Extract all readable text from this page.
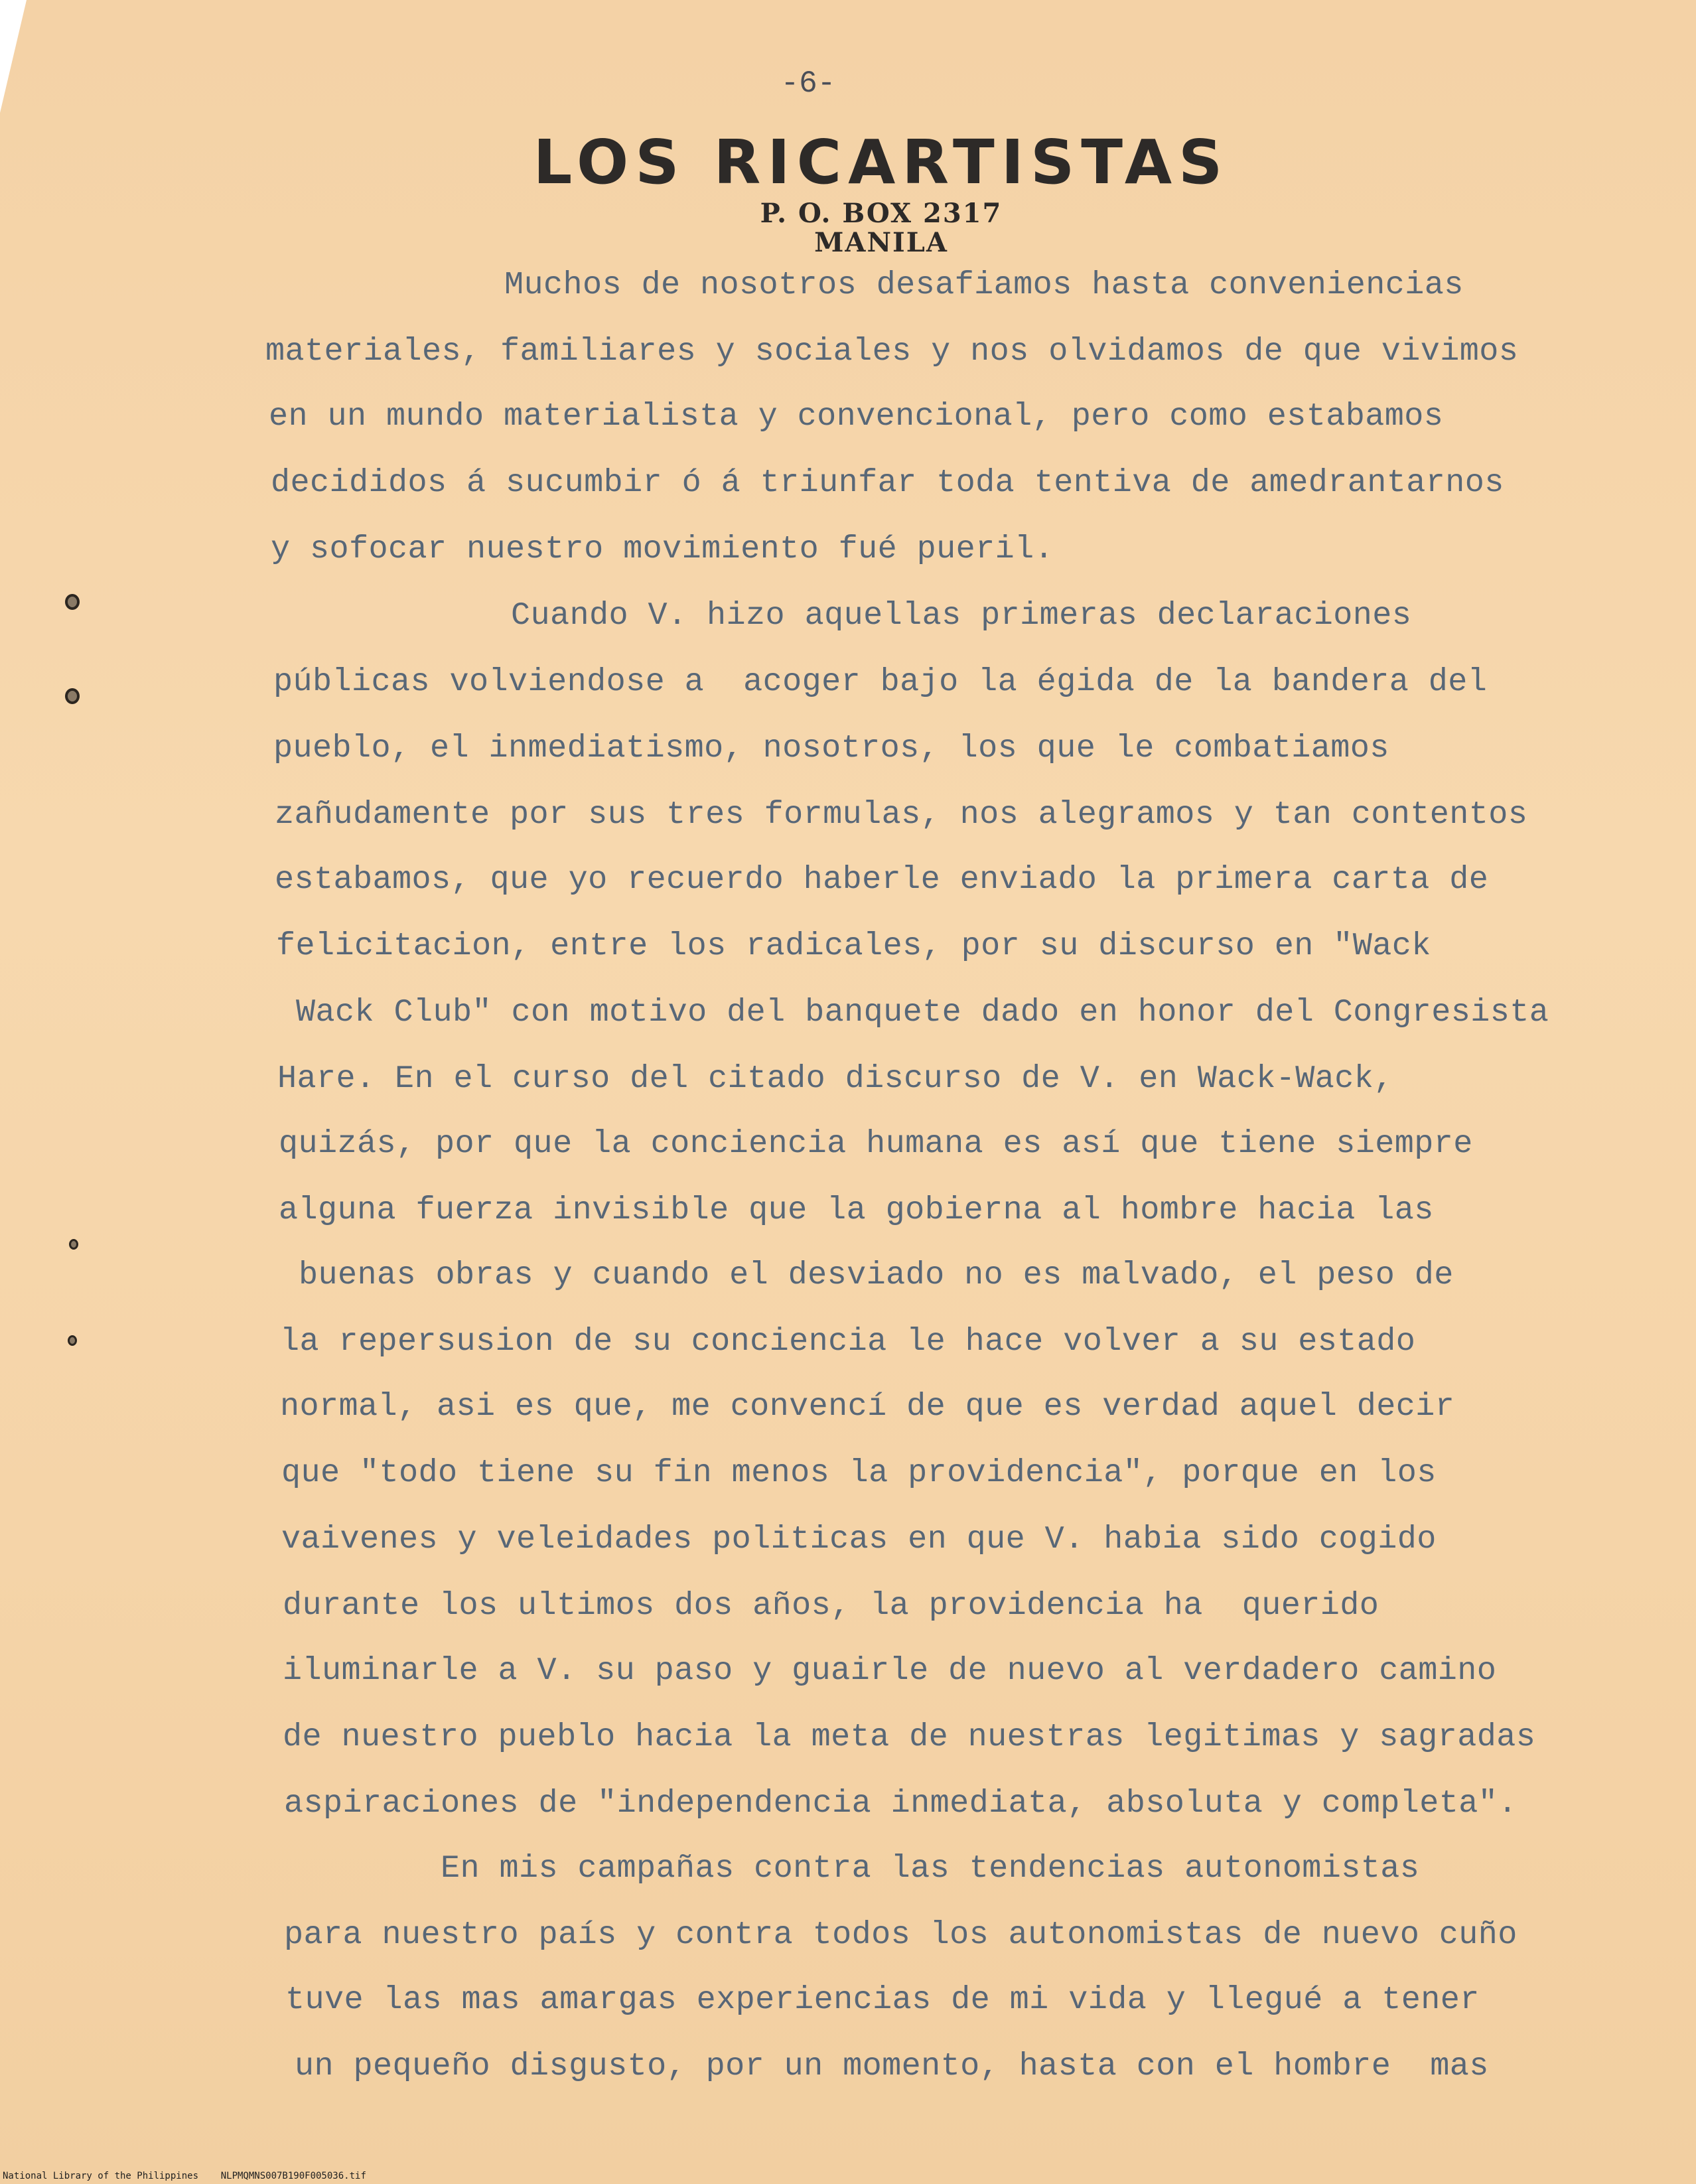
-6-
LOS RICARTISTAS
P. O. BOX 2317
MANILA
Muchos de nosotros desafiamos hasta conveniencias
materiales, familiares y sociales y nos olvidamos de que vivimos
en un mundo materialista y convencional, pero como estabamos
decididos á sucumbir ó á triunfar toda tentiva de amedrantarnos
y sofocar nuestro movimiento fué pueril.
Cuando V. hizo aquellas primeras declaraciones
públicas volviendose a  acoger bajo la égida de la bandera del
pueblo, el inmediatismo, nosotros, los que le combatiamos
zañudamente por sus tres formulas, nos alegramos y tan contentos
estabamos, que yo recuerdo haberle enviado la primera carta de
felicitacion, entre los radicales, por su discurso en "Wack
Wack Club" con motivo del banquete dado en honor del Congresista
Hare. En el curso del citado discurso de V. en Wack-Wack,
quizás, por que la conciencia humana es así que tiene siempre
alguna fuerza invisible que la gobierna al hombre hacia las
buenas obras y cuando el desviado no es malvado, el peso de
la repersusion de su conciencia le hace volver a su estado
normal, asi es que, me convencí de que es verdad aquel decir
que "todo tiene su fin menos la providencia", porque en los
vaivenes y veleidades politicas en que V. habia sido cogido
durante los ultimos dos años, la providencia ha  querido
iluminarle a V. su paso y guairle de nuevo al verdadero camino
de nuestro pueblo hacia la meta de nuestras legitimas y sagradas
aspiraciones de "independencia inmediata, absoluta y completa".
En mis campañas contra las tendencias autonomistas
para nuestro país y contra todos los autonomistas de nuevo cuño
tuve las mas amargas experiencias de mi vida y llegué a tener
un pequeño disgusto, por un momento, hasta con el hombre  mas
National Library of the Philippines    NLPMQMNS007B190F005036.tif
